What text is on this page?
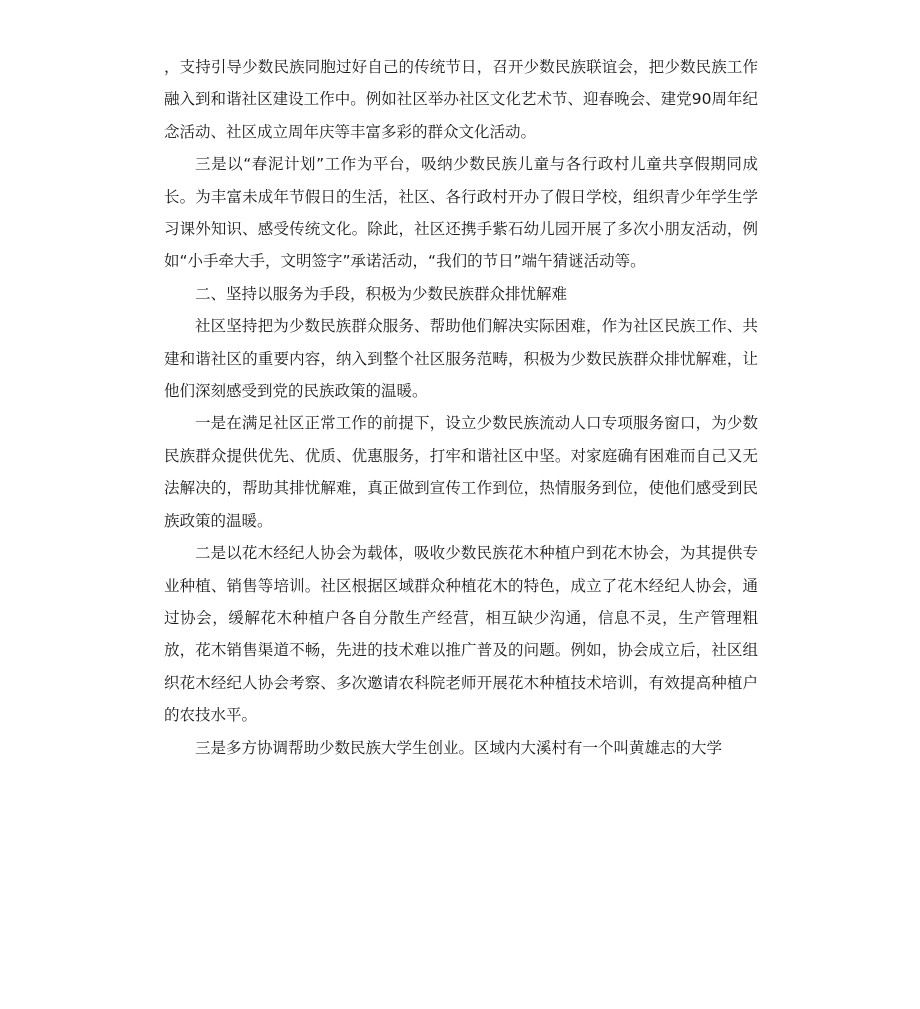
，支持引导少数民族同胞过好自己的传统节日，召开少数民族联谊会，把少数民族工作融入到和谐社区建设工作中。例如社区举办社区文化艺术节、迎春晚会、建党90周年纪念活动、社区成立周年庆等丰富多彩的群众文化活动。

三是以“春泥计划”工作为平台，吸纳少数民族儿童与各行政村儿童共享假期同成长。为丰富未成年节假日的生活，社区、各行政村开办了假日学校，组织青少年学生学习课外知识、感受传统文化。除此，社区还携手紫石幼儿园开展了多次小朋友活动，例如“小手牵大手，文明签字”承诺活动，“我们的节日”端午猜谜活动等。

二、坚持以服务为手段，积极为少数民族群众排忧解难

社区坚持把为少数民族群众服务、帮助他们解决实际困难，作为社区民族工作、共建和谐社区的重要内容，纳入到整个社区服务范畴，积极为少数民族群众排忧解难，让他们深刻感受到党的民族政策的温暖。

一是在满足社区正常工作的前提下，设立少数民族流动人口专项服务窗口，为少数民族群众提供优先、优质、优惠服务，打牢和谐社区中坚。对家庭确有困难而自己又无法解决的，帮助其排忧解难，真正做到宣传工作到位，热情服务到位，使他们感受到民族政策的温暖。

二是以花木经纪人协会为载体，吸收少数民族花木种植户到花木协会，为其提供专业种植、销售等培训。社区根据区域群众种植花木的特色，成立了花木经纪人协会，通过协会，缓解花木种植户各自分散生产经营，相互缺少沟通，信息不灵，生产管理粗放，花木销售渠道不畅，先进的技术难以推广普及的问题。例如，协会成立后，社区组织花木经纪人协会考察、多次邀请农科院老师开展花木种植技术培训，有效提高种植户的农技水平。

三是多方协调帮助少数民族大学生创业。区域内大溪村有一个叫黄雄志的大学
